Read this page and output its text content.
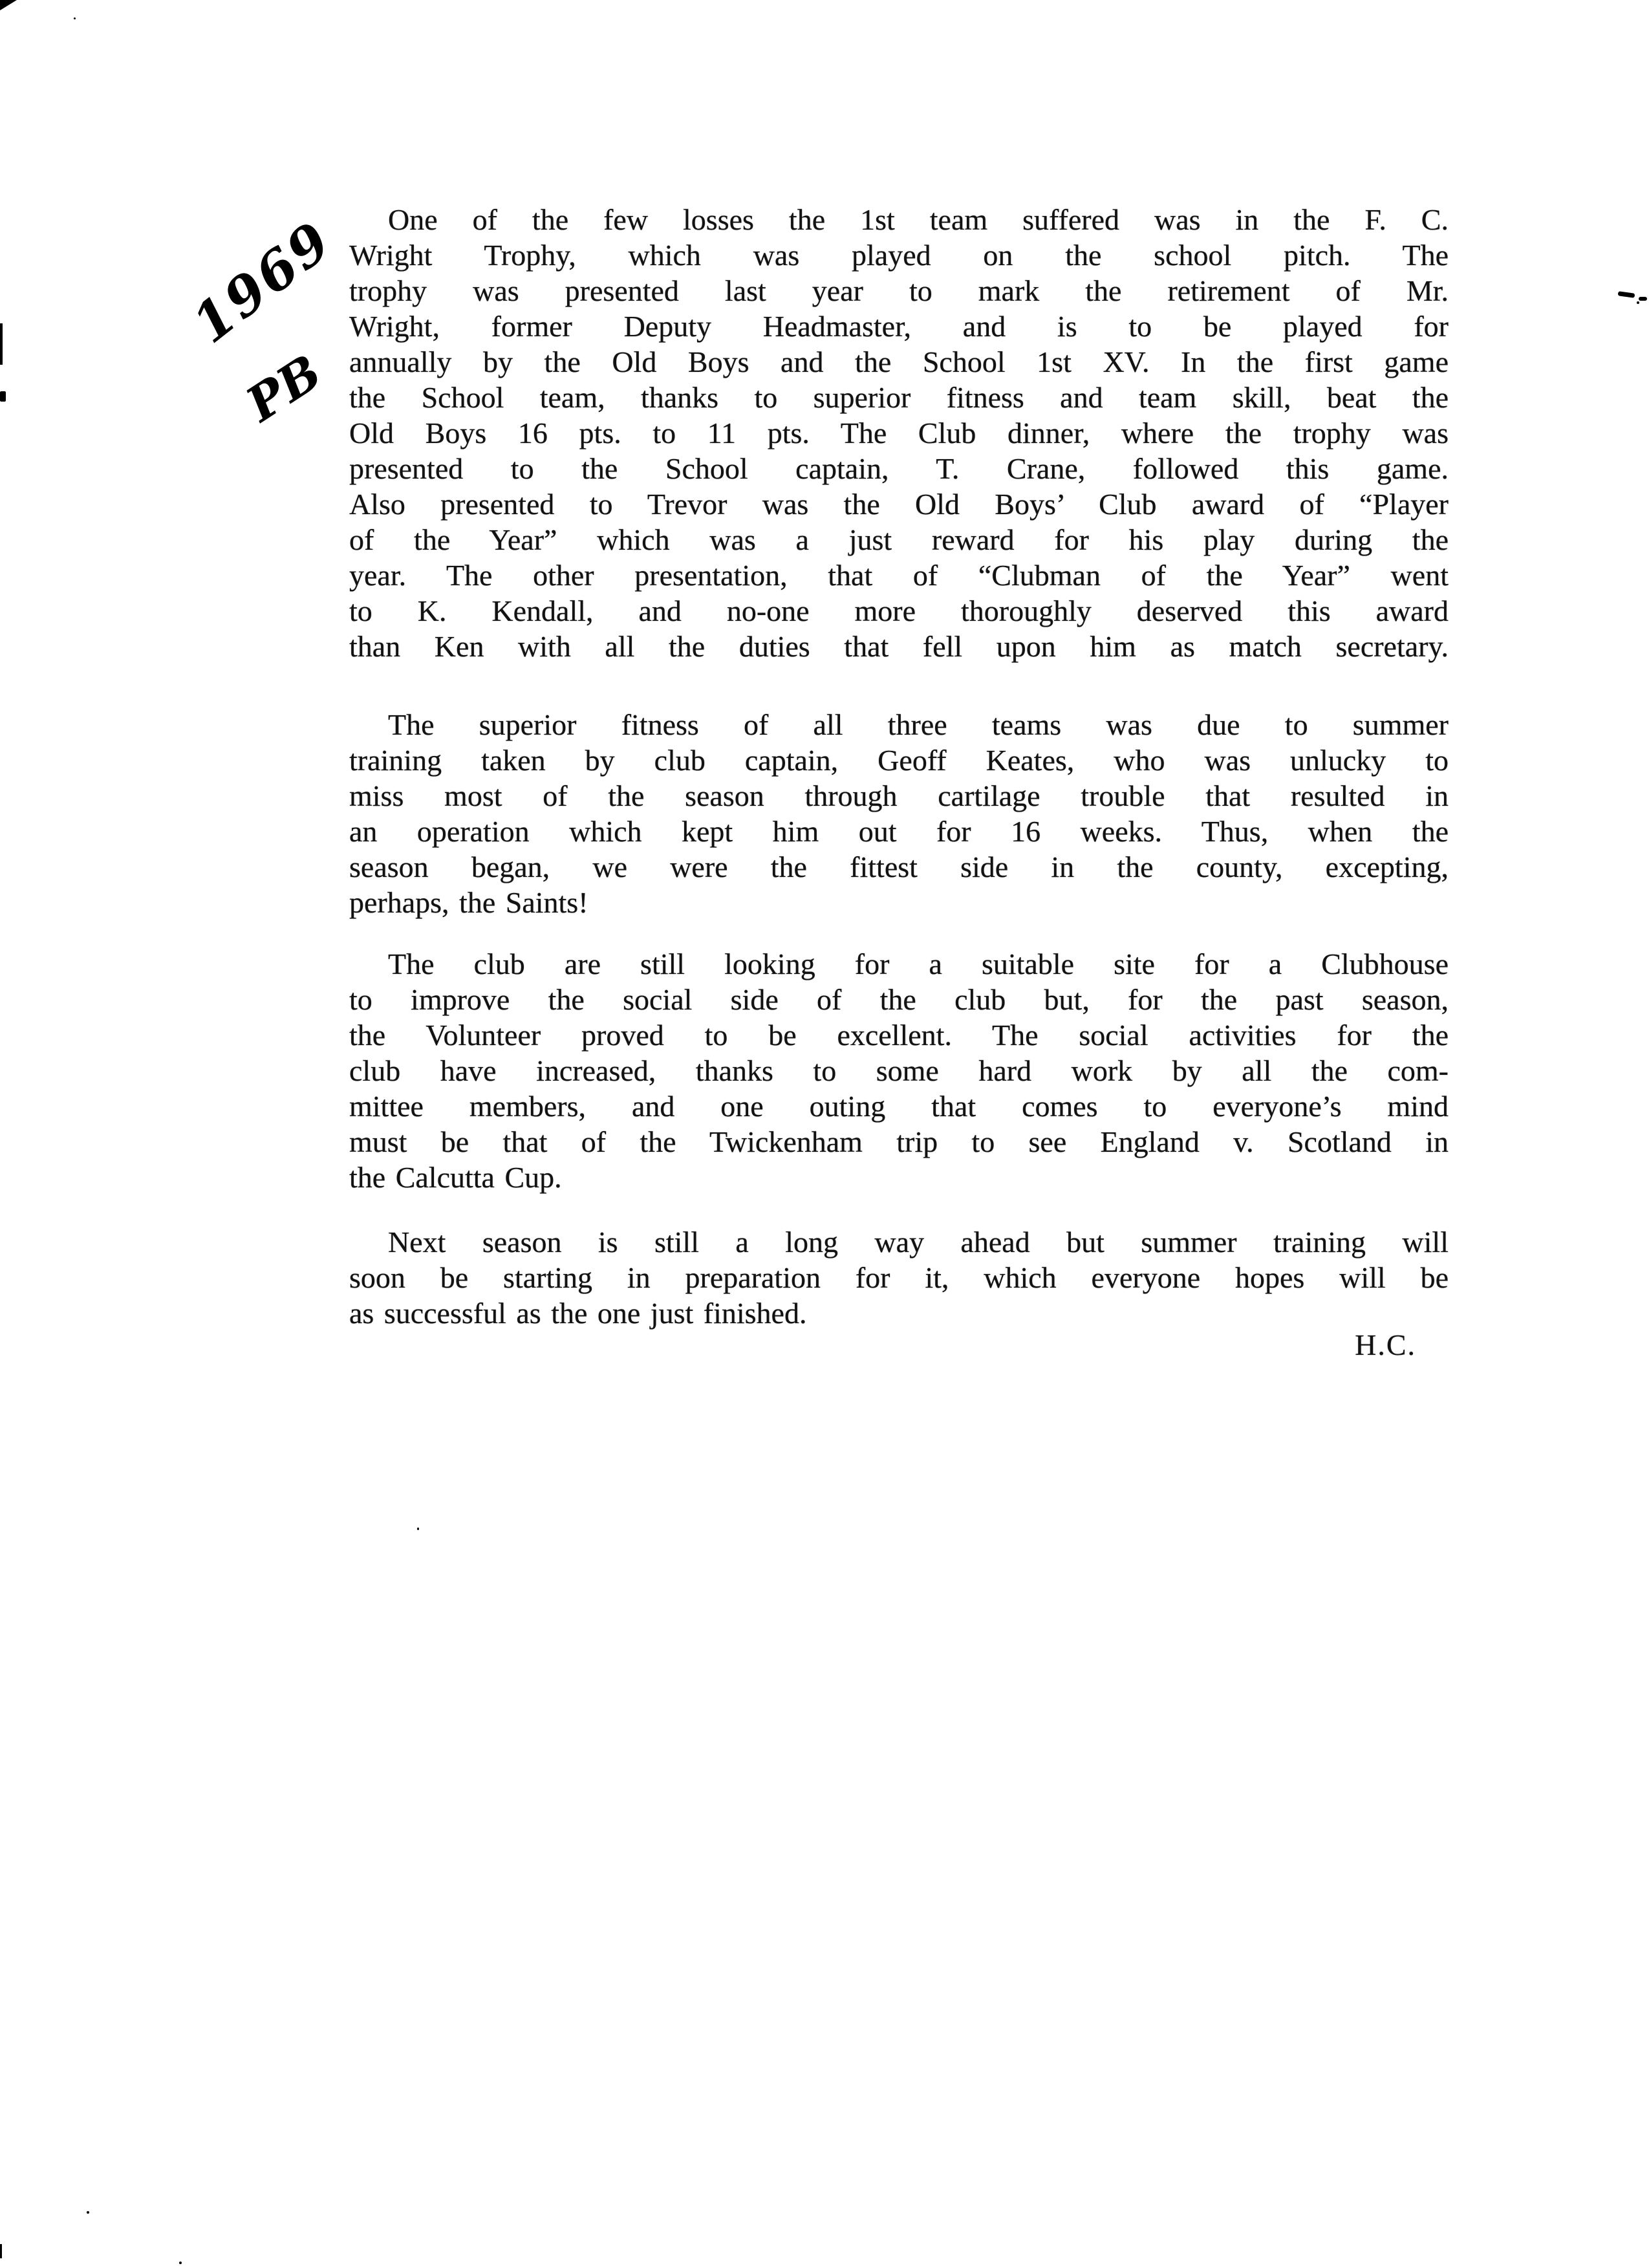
1969
PB
One of the few losses the 1st team suffered was in the F. C.
Wright Trophy, which was played on the school pitch. The
trophy was presented last year to mark the retirement of Mr.
Wright, former Deputy Headmaster, and is to be played for
annually by the Old Boys and the School 1st XV. In the first game
the School team, thanks to superior fitness and team skill, beat the
Old Boys 16 pts. to 11 pts. The Club dinner, where the trophy was
presented to the School captain, T. Crane, followed this game.
Also presented to Trevor was the Old Boys’ Club award of “Player
of the Year” which was a just reward for his play during the
year. The other presentation, that of “Clubman of the Year” went
to K. Kendall, and no-one more thoroughly deserved this award
than Ken with all the duties that fell upon him as match secretary.
The superior fitness of all three teams was due to summer
training taken by club captain, Geoff Keates, who was unlucky to
miss most of the season through cartilage trouble that resulted in
an operation which kept him out for 16 weeks. Thus, when the
season began, we were the fittest side in the county, excepting,
perhaps, the Saints!
The club are still looking for a suitable site for a Clubhouse
to improve the social side of the club but, for the past season,
the Volunteer proved to be excellent. The social activities for the
club have increased, thanks to some hard work by all the com-
mittee members, and one outing that comes to everyone’s mind
must be that of the Twickenham trip to see England v. Scotland in
the Calcutta Cup.
Next season is still a long way ahead but summer training will
soon be starting in preparation for it, which everyone hopes will be
as successful as the one just finished.
H.C.
